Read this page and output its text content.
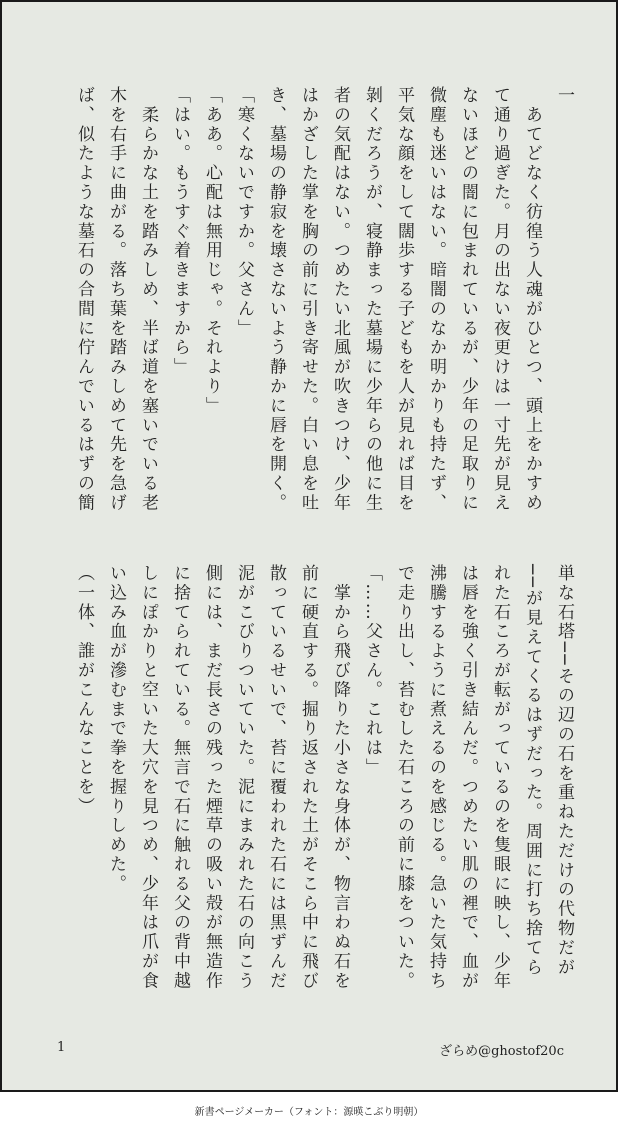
一
　あてどなく彷徨う人魂がひとつ、頭上をかすめ
て通り過ぎた。月の出ない夜更けは一寸先が見え
ないほどの闇に包まれているが、少年の足取りに
微塵も迷いはない。暗闇のなか明かりも持たず、
平気な顔をして闊歩する子どもを人が見れば目を
剝くだろうが、寝静まった墓場に少年らの他に生
者の気配はない。つめたい北風が吹きつけ、少年
はかざした掌を胸の前に引き寄せた。白い息を吐
き、墓場の静寂を壊さないよう静かに唇を開く。
「寒くないですか。父さん」
「ああ。心配は無用じゃ。それより」
「はい。もうすぐ着きますから」
　柔らかな土を踏みしめ、半ば道を塞いでいる老
木を右手に曲がる。落ち葉を踏みしめて先を急げ
ば、似たような墓石の合間に佇んでいるはずの簡
単な石塔──その辺の石を重ねただけの代物だが
──が見えてくるはずだった。周囲に打ち捨てら
れた石ころが転がっているのを隻眼に映し、少年
は唇を強く引き結んだ。つめたい肌の裡で、血が
沸騰するように煮えるのを感じる。急いた気持ち
で走り出し、苔むした石ころの前に膝をついた。
「……父さん。これは」
　掌から飛び降りた小さな身体が、物言わぬ石を
前に硬直する。掘り返された土がそこら中に飛び
散っているせいで、苔に覆われた石には黒ずんだ
泥がこびりついていた。泥にまみれた石の向こう
側には、まだ長さの残った煙草の吸い殻が無造作
に捨てられている。無言で石に触れる父の背中越
しにぽかりと空いた大穴を見つめ、少年は爪が食
い込み血が滲むまで拳を握りしめた。
（一体、誰がこんなことを）
1	ざらめ@ghostof20c
新書ページメーカー（フォント：源暎こぶり明朝）
